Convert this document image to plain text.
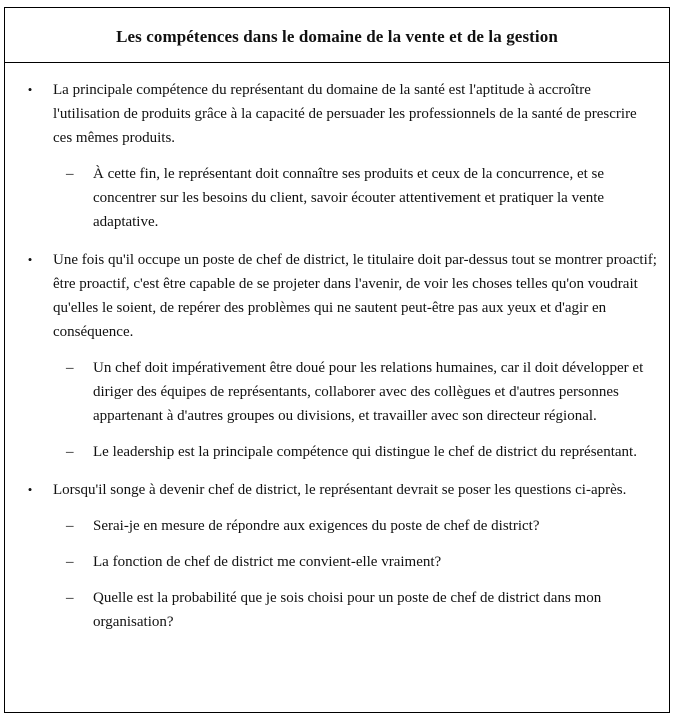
Les compétences dans le domaine de la vente et de la gestion
•	La principale compétence du représentant du domaine de la santé est l'aptitude à accroître l'utilisation de produits grâce à la capacité de persuader les professionnels de la santé de prescrire ces mêmes produits.

–	À cette fin, le représentant doit connaître ses produits et ceux de la concurrence, et se concentrer sur les besoins du client, savoir écouter attentivement et pratiquer la vente adaptative.

•	Une fois qu'il occupe un poste de chef de district, le titulaire doit par-dessus tout se montrer proactif; être proactif, c'est être capable de se projeter dans l'avenir, de voir les choses telles qu'on voudrait qu'elles le soient, de repérer des problèmes qui ne sautent peut-être pas aux yeux et d'agir en conséquence.

–	Un chef doit impérativement être doué pour les relations humaines, car il doit développer et diriger des équipes de représentants, collaborer avec des collègues et d'autres personnes appartenant à d'autres groupes ou divisions, et travailler avec son directeur régional.

–	Le leadership est la principale compétence qui distingue le chef de district du représentant.

•	Lorsqu'il songe à devenir chef de district, le représentant devrait se poser les questions ci-après.

–	Serai-je en mesure de répondre aux exigences du poste de chef de district?

–	La fonction de chef de district me convient-elle vraiment?

–	Quelle est la probabilité que je sois choisi pour un poste de chef de district dans mon organisation?
